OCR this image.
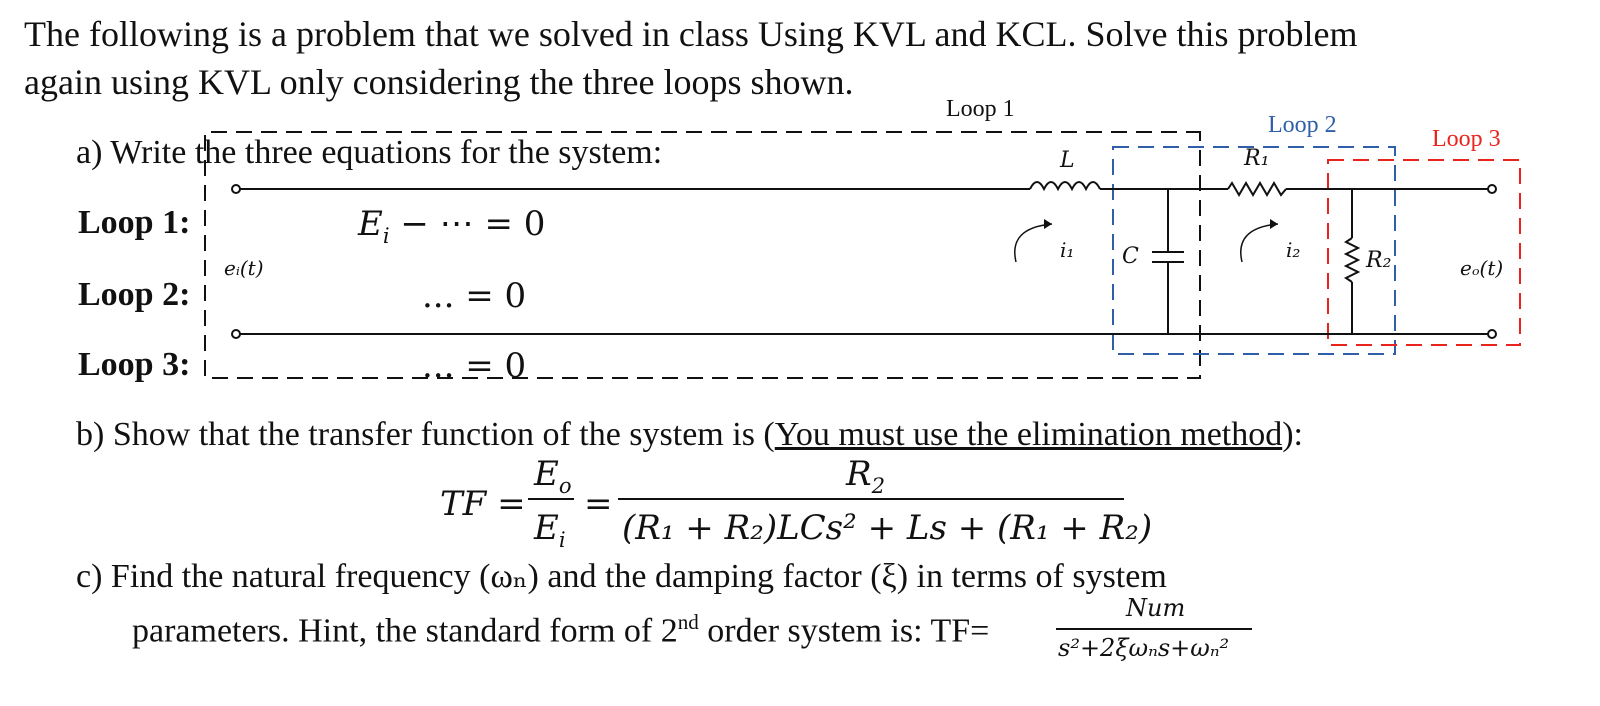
The following is a problem that we solved in class Using KVL and KCL. Solve this problem
again using KVL only considering the three loops shown.
a) Write the three equations for the system:
Loop 1:	$E_i$ − ⋯ = 0
Loop 2:	... = 0
Loop 3:	... = 0
Loop 1
Loop 2
Loop 3
L	R₁
R₂
C
i₁	i₂
eᵢ(t)	eₒ(t)
b) Show that the transfer function of the system is (You must use the elimination method):
TF =
$E_o$
$E_i$
=
$R_2$
(R₁ + R₂)LCs² + Ls + (R₁ + R₂)
c) Find the natural frequency (ωₙ) and the damping factor (ξ) in terms of system
parameters. Hint, the standard form of 2nd order system is: TF=
Num
s²+2ξωₙs+ωₙ²
